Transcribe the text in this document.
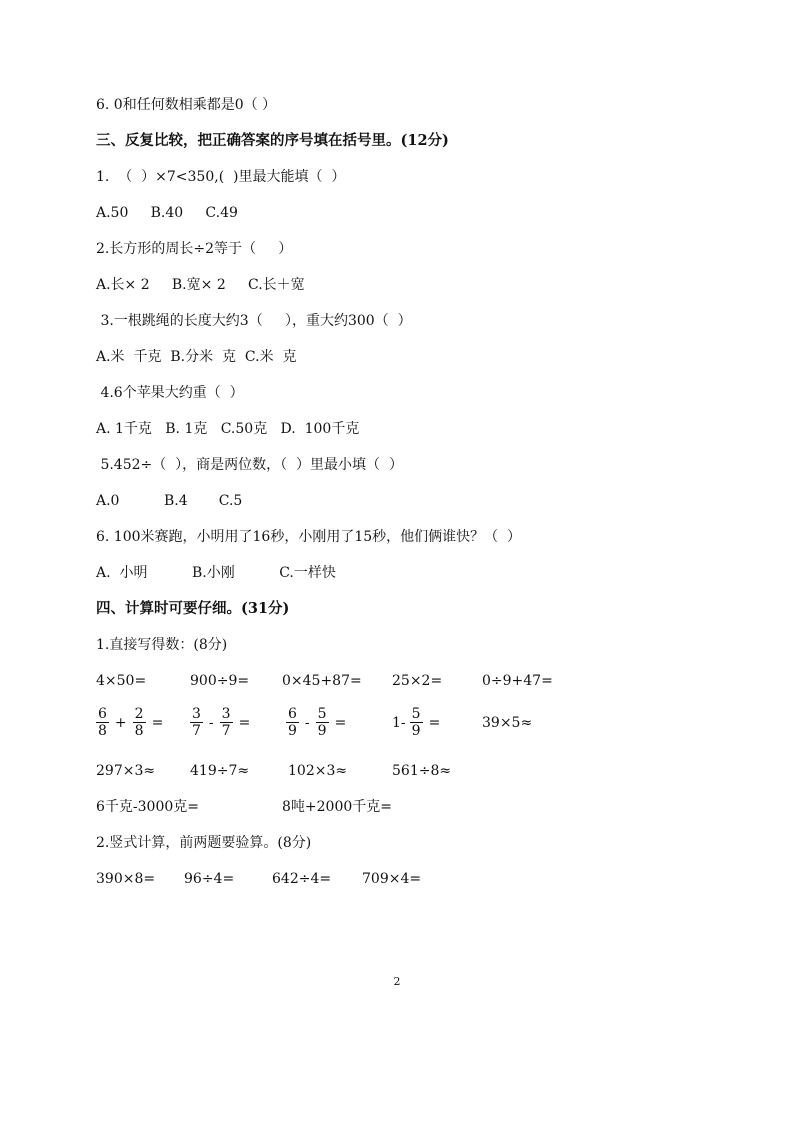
6. 0和任何数相乘都是0（ ）
三、反复比较，把正确答案的序号填在括号里。(12分)
1.  （  ）×7<350,(  )里最大能填（  ）
A.50     B.40     C.49
2.长方形的周长÷2等于（     ）
A.长× 2     B.宽× 2     C.长＋宽
3.一根跳绳的长度大约3（     ），重大约300（  ）
A.米  千克  B.分米  克  C.米  克
4.6个苹果大约重（  ）
A. 1千克   B. 1克   C.50克   D.  100千克
5.452÷（  ），商是两位数，（  ）里最小填（  ）
A.0          B.4       C.5
6. 100米赛跑，小明用了16秒，小刚用了15秒，他们俩谁快？（  ）
A.  小明          B.小刚          C.一样快
四、计算时可要仔细。(31分)
1.直接写得数：(8分)
4×50=	900÷9= 0×45+87= 25×2=	0÷9+47=
$\frac{6}{8} + \frac{2}{8} = \frac{3}{7} - \frac{3}{7}$ =	$\frac{6}{9} - \frac{5}{9}$ =	$1- \frac{5}{9}$ =	39×5≈
297×3≈ 419÷7≈	102×3≈	561÷8≈
6千克-3000克=	8吨+2000千克=
2.竖式计算，前两题要验算。(8分)
390×8= 96÷4=	642÷4= 709×4=
2
